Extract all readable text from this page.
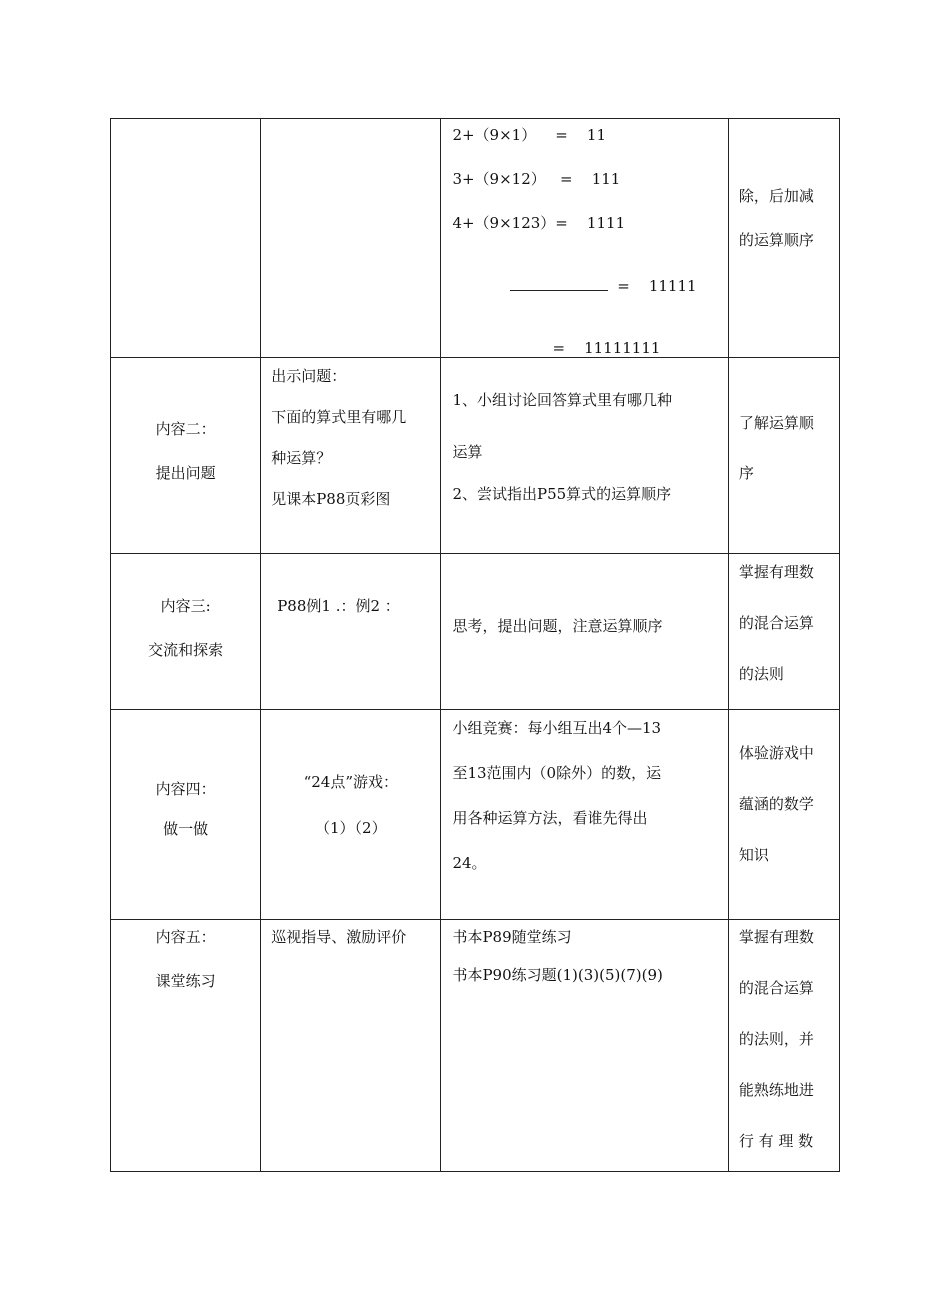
		2+（9×1）    =    11
3+（9×12）   =    111
4+（9×123）=    1111

=    11111

=    11111111	除，后加减
的运算顺序

内容二：
提出问题	出示问题：
下面的算式里有哪几
种运算？
见课本P88页彩图	1、小组讨论回答算式里有哪几种
运算
2、尝试指出P55算式的运算顺序	了解运算顺
序

内容三:
交流和探索	P88例1 .：例2 ：	思考，提出问题，注意运算顺序	掌握有理数
的混合运算
的法则

内容四：
做一做	“24点”游戏：
（1）（2）	小组竞赛：每小组互出4个—13
至13范围内（0除外）的数，运
用各种运算方法，看谁先得出
24。	体验游戏中
蕴涵的数学
知识

内容五：
课堂练习	巡视指导、激励评价	书本P89随堂练习
书本P90练习题(1)(3)(5)(7)(9)	掌握有理数
的混合运算
的法则，并
能熟练地进
行 有 理 数
